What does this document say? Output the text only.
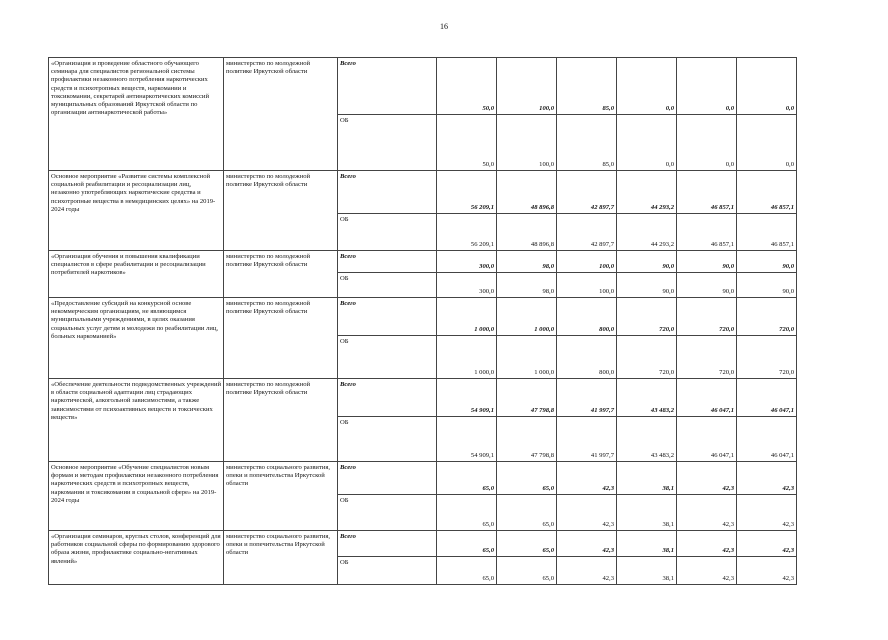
16
«Организация и проведение областного обучающего семинара для специалистов региональной системы профилактики незаконного потребления наркотических средств и психотропных веществ, наркомании и токсикомании, секретарей антинаркотических комиссий муниципальных образований Иркутской области по организации антинаркотической работы»	министерство по молодежной политике Иркутской области	Всего	50,0	100,0	85,0	0,0	0,0	0,0
		ОБ	50,0	100,0	85,0	0,0	0,0	0,0
Основное мероприятие «Развитие системы комплексной социальной реабилитации и ресоциализации лиц, незаконно употребляющих наркотические средства и психотропные вещества в немедицинских целях» на 2019-2024 годы	министерство по молодежной политике Иркутской области	Всего	56 209,1	48 896,8	42 897,7	44 293,2	46 857,1	46 857,1
		ОБ	56 209,1	48 896,8	42 897,7	44 293,2	46 857,1	46 857,1
«Организация обучения и повышения квалификации специалистов в сфере реабилитации и ресоциализации потребителей наркотиков»	министерство по молодежной политике Иркутской области	Всего	300,0	98,0	100,0	90,0	90,0	90,0
		ОБ	300,0	98,0	100,0	90,0	90,0	90,0
«Предоставление субсидий на конкурсной основе некоммерческим организациям, не являющимся муниципальными учреждениями, в целях оказания социальных услуг детям и молодежи по реабилитации лиц, больных наркоманией»	министерство по молодежной политике Иркутской области	Всего	1 000,0	1 000,0	800,0	720,0	720,0	720,0
		ОБ	1 000,0	1 000,0	800,0	720,0	720,0	720,0
«Обеспечение деятельности подведомственных учреждений в области социальной адаптации лиц страдающих наркотической, алкогольной зависимостями, а также зависимостями от психоактивных веществ и токсических веществ»	министерство по молодежной политике Иркутской области	Всего	54 909,1	47 798,8	41 997,7	43 483,2	46 047,1	46 047,1
		ОБ	54 909,1	47 798,8	41 997,7	43 483,2	46 047,1	46 047,1
Основное мероприятие «Обучение специалистов новым формам и методам профилактики незаконного потребления наркотических средств и психотропных веществ, наркомании и токсикомании в социальной сфере» на 2019-2024 годы	министерство социального развития, опеки и попечительства Иркутской области	Всего	65,0	65,0	42,3	38,1	42,3	42,3
		ОБ	65,0	65,0	42,3	38,1	42,3	42,3
«Организация семинаров, круглых столов, конференций для работников социальной сферы по формированию здорового образа жизни, профилактике социально-негативных явлений»	министерство социального развития, опеки и попечительства Иркутской области	Всего	65,0	65,0	42,3	38,1	42,3	42,3
		ОБ	65,0	65,0	42,3	38,1	42,3	42,3
